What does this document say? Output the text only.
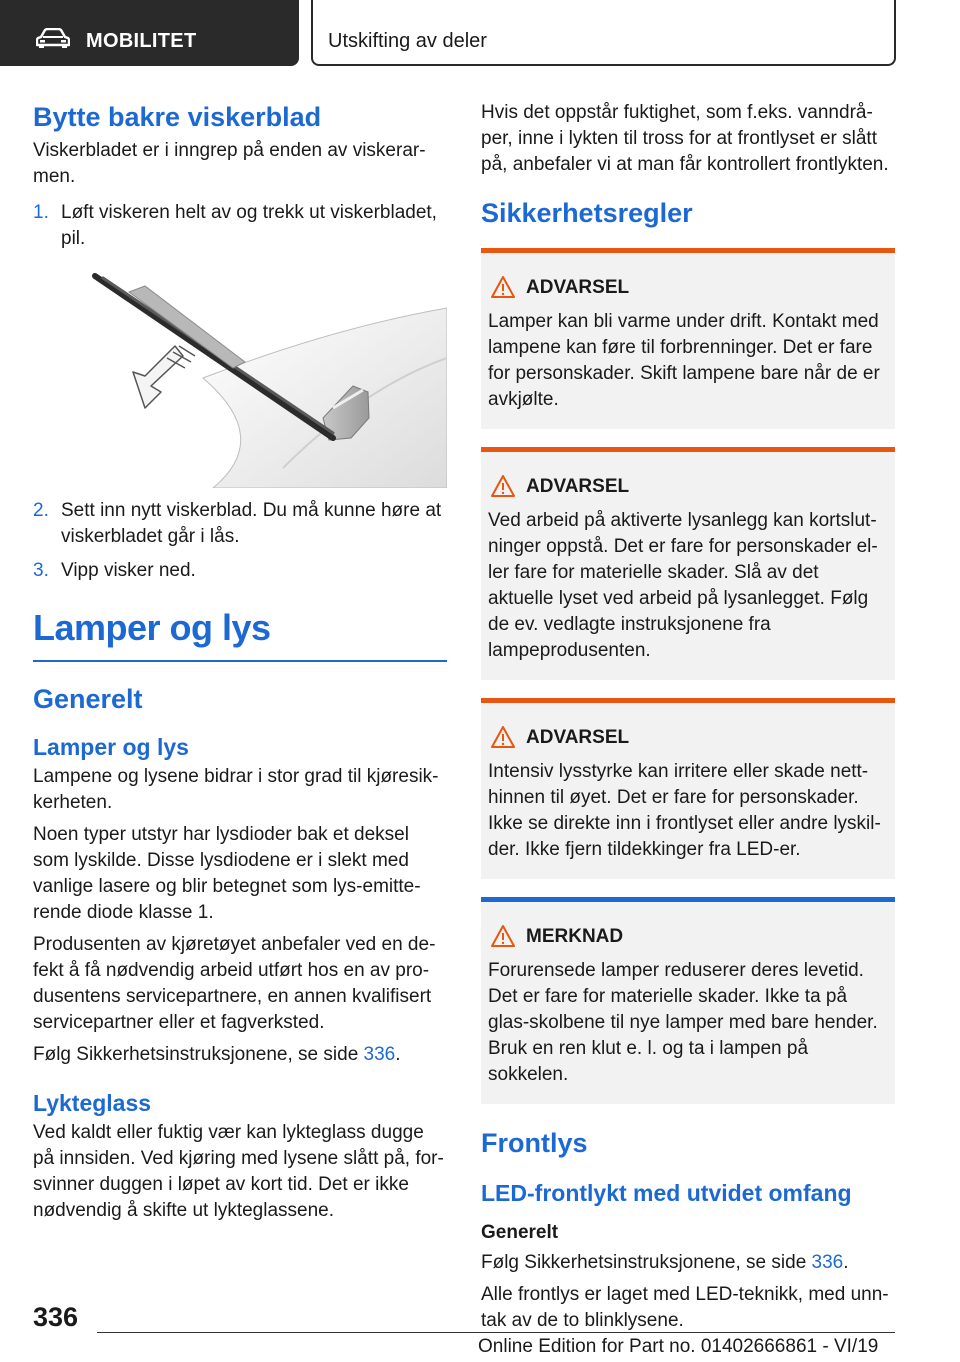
MOBILITET	Utskifting av deler
Bytte bakre viskerblad

Viskerbladet er i inngrep på enden av viskerar-men.

1. Løft viskeren helt av og trekk ut viskerbladet, pil.
2. Sett inn nytt viskerblad. Du må kunne høre at viskerbladet går i lås.
3. Vipp visker ned.
Lamper og lys
Generelt
Lamper og lys

Lampene og lysene bidrar i stor grad til kjøresik-kerheten.

Noen typer utstyr har lysdioder bak et deksel som lyskilde. Disse lysdiodene er i slekt med vanlige lasere og blir betegnet som lys-emitte-rende diode klasse 1.

Produsenten av kjøretøyet anbefaler ved en de-fekt å få nødvendig arbeid utført hos en av pro-dusentens servicepartnere, en annen kvalifisert servicepartner eller et fagverksted.

Følg Sikkerhetsinstruksjonene, se side 336.

Lykteglass

Ved kaldt eller fuktig vær kan lykteglass dugge på innsiden. Ved kjøring med lysene slått på, for-svinner duggen i løpet av kort tid. Det er ikke nødvendig å skifte ut lykteglassene.

Hvis det oppstår fuktighet, som f.eks. vanndrå-per, inne i lykten til tross for at frontlyset er slått på, anbefaler vi at man får kontrollert frontlykten.

Sikkerhetsregler
ADVARSEL

Lamper kan bli varme under drift. Kontakt med lampene kan føre til forbrenninger. Det er fare for personskader. Skift lampene bare når de er avkjølte.

ADVARSEL

Ved arbeid på aktiverte lysanlegg kan kortslut-ninger oppstå. Det er fare for personskader el-ler fare for materielle skader. Slå av det aktuelle lyset ved arbeid på lysanlegget. Følg de ev. vedlagte instruksjonene fra lampeprodusenten.

ADVARSEL

Intensiv lysstyrke kan irritere eller skade nett-hinnen til øyet. Det er fare for personskader. Ikke se direkte inn i frontlyset eller andre lyskil-der. Ikke fjern tildekkinger fra LED-er.

MERKNAD

Forurensede lamper reduserer deres levetid. Det er fare for materielle skader. Ikke ta på glas-skolbene til nye lamper med bare hender. Bruk en ren klut e. l. og ta i lampen på sokkelen.

Frontlys
LED-frontlykt med utvidet omfang
Generelt

Følg Sikkerhetsinstruksjonene, se side 336.

Alle frontlys er laget med LED-teknikk, med unn-tak av de to blinklysene.

336
Online Edition for Part no. 01402666861 - VI/19
